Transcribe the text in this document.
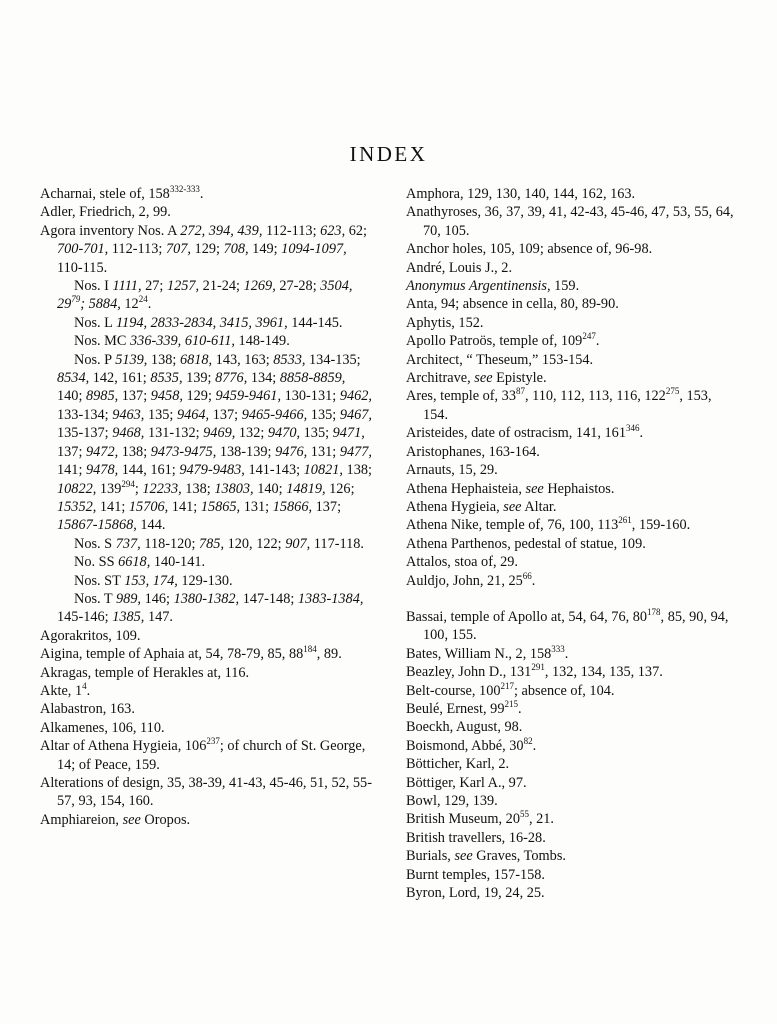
INDEX

Acharnai, stele of, 158$^{332-333}$.

Adler, Friedrich, 2, 99.

Agora inventory Nos. A 272, 394, 439, 112-113; 623, 62; 700-701, 112-113; 707, 129; 708, 149; 1094-1097, 110-115.

Nos. I 1111, 27; 1257, 21-24; 1269, 27-28; 3504, $29^{79}$; 5884, $12^{24}$.

Nos. L 1194, 2833-2834, 3415, 3961, 144-145.

Nos. MC 336-339, 610-611, 148-149.

Nos. P 5139, 138; 6818, 143, 163; 8533, 134-135; 8534, 142, 161; 8535, 139; 8776, 134; 8858-8859, 140; 8985, 137; 9458, 129; 9459-9461, 130-131; 9462, 133-134; 9463, 135; 9464, 137; 9465-9466, 135; 9467, 135-137; 9468, 131-132; 9469, 132; 9470, 135; 9471, 137; 9472, 138; 9473-9475, 138-139; 9476, 131; 9477, 141; 9478, 144, 161; 9479-9483, 141-143; 10821, 138; 10822, $139^{294}$; 12233, 138; 13803, 140; 14819, 126; 15352, 141; 15706, 141; 15865, 131; 15866, 137; 15867-15868, 144.

Nos. S 737, 118-120; 785, 120, 122; 907, 117-118.

No. SS 6618, 140-141.

Nos. ST 153, 174, 129-130.

Nos. T 989, 146; 1380-1382, 147-148; 1383-1384, 145-146; 1385, 147.

Agorakritos, 109.

Aigina, temple of Aphaia at, 54, 78-79, 85, $88^{184}$, 89.

Akragas, temple of Herakles at, 116.

Akte, $1^4$.

Alabastron, 163.

Alkamenes, 106, 110.

Altar of Athena Hygieia, $106^{237}$; of church of St. George, 14; of Peace, 159.

Alterations of design, 35, 38-39, 41-43, 45-46, 51, 52, 55-57, 93, 154, 160.

Amphiareion, see Oropos.

Amphora, 129, 130, 140, 144, 162, 163.

Anathyroses, 36, 37, 39, 41, 42-43, 45-46, 47, 53, 55, 64, 70, 105.

Anchor holes, 105, 109; absence of, 96-98.

André, Louis J., 2.

Anonymus Argentinensis, 159.

Anta, 94; absence in cella, 80, 89-90.

Aphytis, 152.

Apollo Patroös, temple of, $109^{247}$.

Architect, “ Theseum,” 153-154.

Architrave, see Epistyle.

Ares, temple of, $33^{87}$, 110, 112, 113, 116, $122^{275}$, 153, 154.

Aristeides, date of ostracism, 141, $161^{346}$.

Aristophanes, 163-164.

Arnauts, 15, 29.

Athena Hephaisteia, see Hephaistos.

Athena Hygieia, see Altar.

Athena Nike, temple of, 76, 100, $113^{261}$, 159-160.

Athena Parthenos, pedestal of statue, 109.

Attalos, stoa of, 29.

Auldjo, John, 21, $25^{66}$.

Bassai, temple of Apollo at, 54, 64, 76, $80^{178}$, 85, 90, 94, 100, 155.

Bates, William N., 2, $158^{333}$.

Beazley, John D., $131^{291}$, 132, 134, 135, 137.

Belt-course, $100^{217}$; absence of, 104.

Beulé, Ernest, $99^{215}$.

Boeckh, August, 98.

Boismond, Abbé, $30^{82}$.

Bötticher, Karl, 2.

Böttiger, Karl A., 97.

Bowl, 129, 139.

British Museum, $20^{55}$, 21.

British travellers, 16-28.

Burials, see Graves, Tombs.

Burnt temples, 157-158.

Byron, Lord, 19, 24, 25.
